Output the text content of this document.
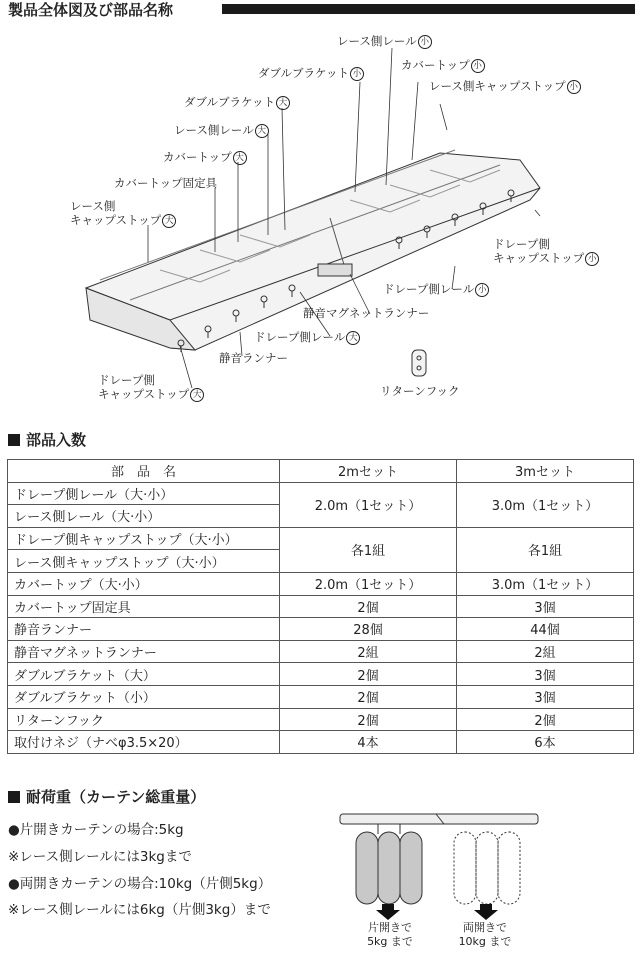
製品全体図及び部品名称
レース側レール 小
ダブルブラケット 小
カバートップ 小
レース側キャップストップ 小
ダブルブラケット 大
レース側レール 大
カバートップ 大
カバートップ固定具
レース側
キャップストップ 大
ドレープ側
キャップストップ 小
ドレープ側レール 小
静音マグネットランナー
ドレープ側レール 大
静音ランナー
ドレープ側
キャップストップ 大	リターンフック
部品入数
部　品　名	2mセット	3mセット
ドレープ側レール（大·小）	2.0m（1セット）	3.0m（1セット）
レース側レール（大·小）		
ドレープ側キャップストップ（大·小）	各1組	各1組
レース側キャップストップ（大·小）		
カバートップ（大·小）	2.0m（1セット）	3.0m（1セット）
カバートップ固定具	2個	3個
静音ランナー	28個	44個
静音マグネットランナー	2組	2組
ダブルブラケット（大）	2個	3個
ダブルブラケット（小）	2個	3個
リターンフック	2個	2個
取付けネジ（ナベφ3.5×20）	4本	6本
耐荷重（カーテン総重量）
●片開きカーテンの場合:5kg
※レース側レールには3kgまで
●両開きカーテンの場合:10kg（片側5kg）
※レース側レールには6kg（片側3kg）まで
片開きで
5kg まで
両開きで
10kg まで
